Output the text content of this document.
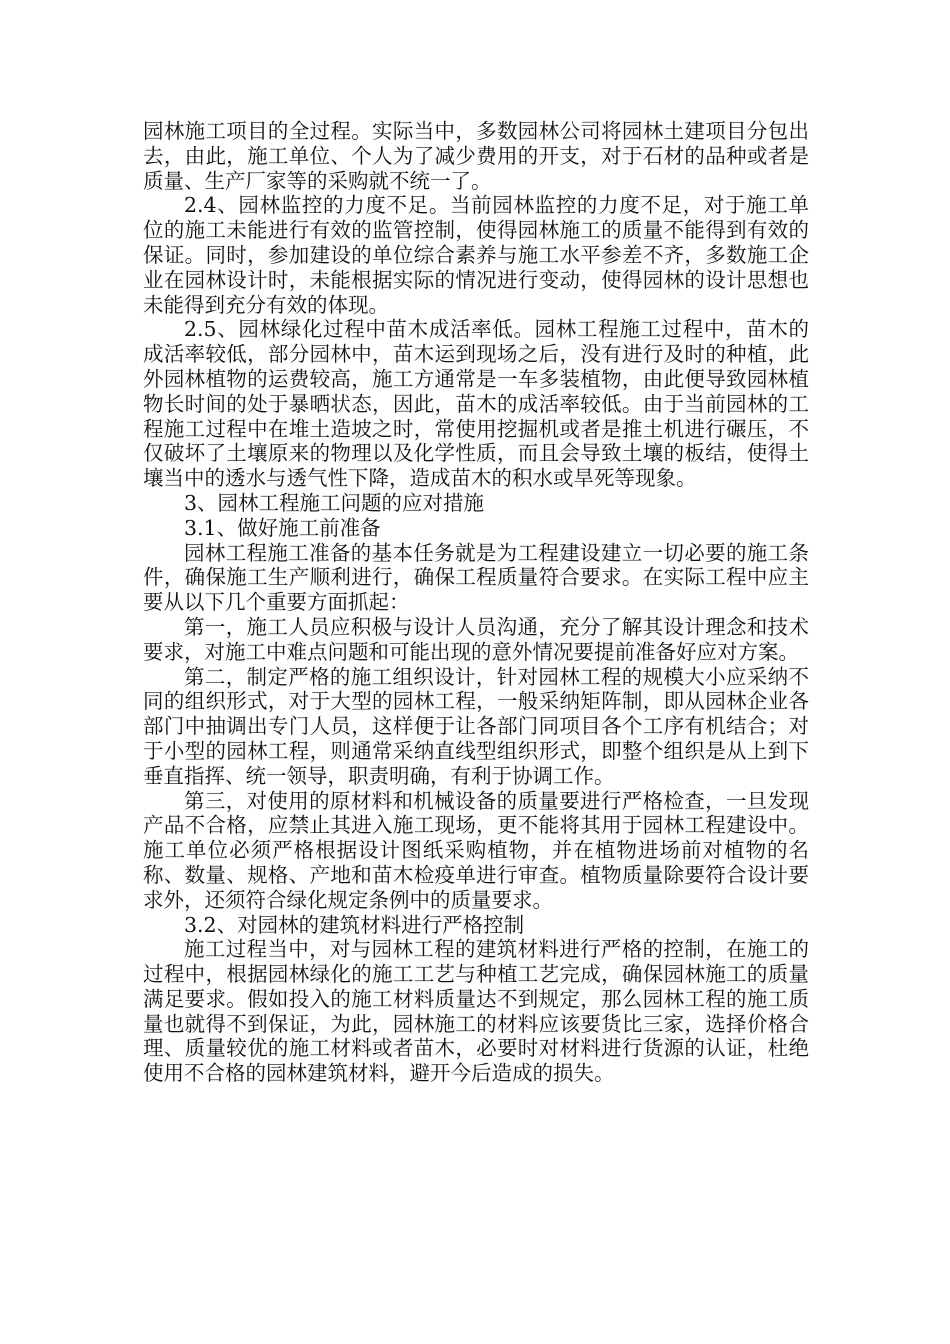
园林施工项目的全过程。实际当中，多数园林公司将园林土建项目分包出去，由此，施工单位、个人为了减少费用的开支，对于石材的品种或者是质量、生产厂家等的采购就不统一了。

2.4、园林监控的力度不足。当前园林监控的力度不足，对于施工单位的施工未能进行有效的监管控制，使得园林施工的质量不能得到有效的保证。同时，参加建设的单位综合素养与施工水平参差不齐，多数施工企业在园林设计时，未能根据实际的情况进行变动，使得园林的设计思想也未能得到充分有效的体现。

2.5、园林绿化过程中苗木成活率低。园林工程施工过程中，苗木的成活率较低，部分园林中，苗木运到现场之后，没有进行及时的种植，此外园林植物的运费较高，施工方通常是一车多装植物，由此便导致园林植物长时间的处于暴晒状态，因此，苗木的成活率较低。由于当前园林的工程施工过程中在堆土造坡之时，常使用挖掘机或者是推土机进行碾压，不仅破坏了土壤原来的物理以及化学性质，而且会导致土壤的板结，使得土壤当中的透水与透气性下降，造成苗木的积水或旱死等现象。

3、园林工程施工问题的应对措施

3.1、做好施工前准备

园林工程施工准备的基本任务就是为工程建设建立一切必要的施工条件，确保施工生产顺利进行，确保工程质量符合要求。在实际工程中应主要从以下几个重要方面抓起：

第一，施工人员应积极与设计人员沟通，充分了解其设计理念和技术要求，对施工中难点问题和可能出现的意外情况要提前准备好应对方案。

第二，制定严格的施工组织设计，针对园林工程的规模大小应采纳不同的组织形式，对于大型的园林工程，一般采纳矩阵制，即从园林企业各部门中抽调出专门人员，这样便于让各部门同项目各个工序有机结合；对于小型的园林工程，则通常采纳直线型组织形式，即整个组织是从上到下垂直指挥、统一领导，职责明确，有利于协调工作。

第三，对使用的原材料和机械设备的质量要进行严格检查，一旦发现产品不合格，应禁止其进入施工现场，更不能将其用于园林工程建设中。施工单位必须严格根据设计图纸采购植物，并在植物进场前对植物的名称、数量、规格、产地和苗木检疫单进行审查。植物质量除要符合设计要求外，还须符合绿化规定条例中的质量要求。

3.2、对园林的建筑材料进行严格控制

施工过程当中，对与园林工程的建筑材料进行严格的控制，在施工的过程中，根据园林绿化的施工工艺与种植工艺完成，确保园林施工的质量满足要求。假如投入的施工材料质量达不到规定，那么园林工程的施工质量也就得不到保证，为此，园林施工的材料应该要货比三家，选择价格合理、质量较优的施工材料或者苗木，必要时对材料进行货源的认证，杜绝使用不合格的园林建筑材料，避开今后造成的损失。
